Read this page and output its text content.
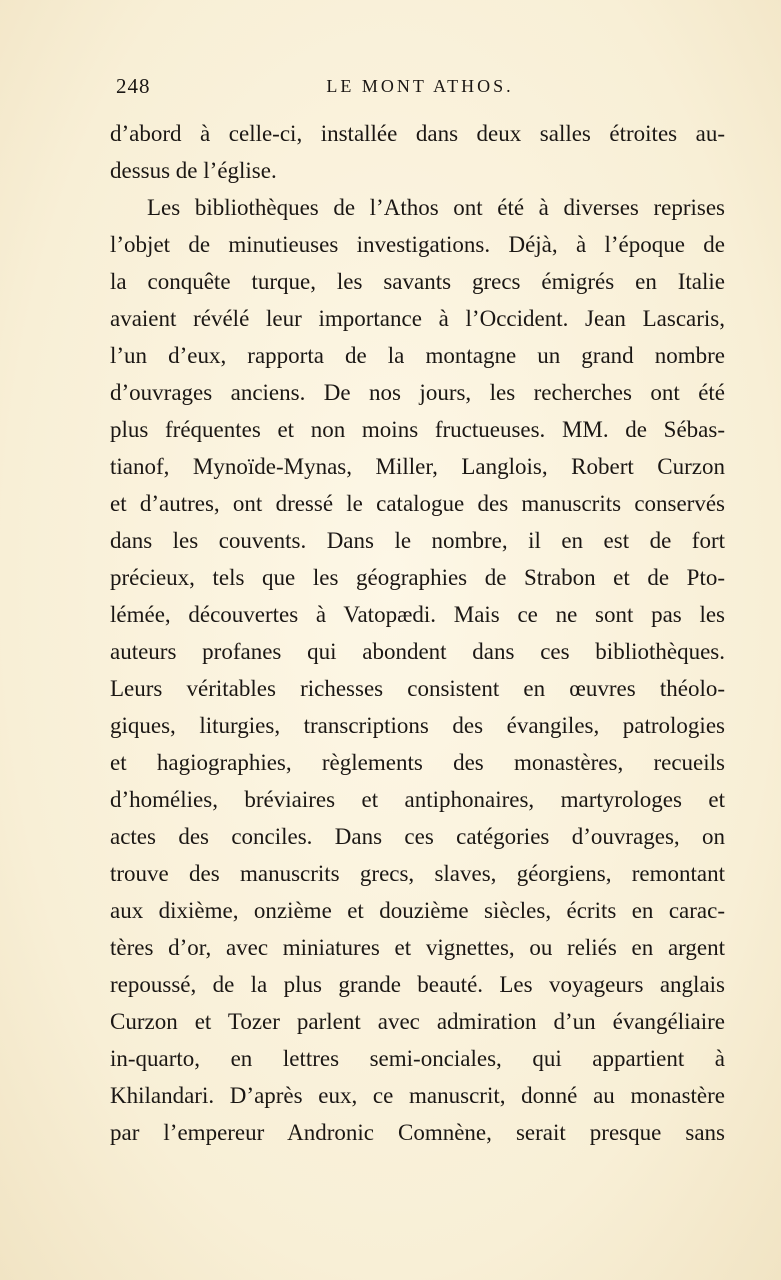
248	LE MONT ATHOS.
d’abord à celle-ci, installée dans deux salles étroites au-
dessus de l’église.
Les bibliothèques de l’Athos ont été à diverses reprises
l’objet de minutieuses investigations. Déjà, à l’époque de
la conquête turque, les savants grecs émigrés en Italie
avaient révélé leur importance à l’Occident. Jean Lascaris,
l’un d’eux, rapporta de la montagne un grand nombre
d’ouvrages anciens. De nos jours, les recherches ont été
plus fréquentes et non moins fructueuses. MM. de Sébas-
tianof, Mynoïde-Mynas, Miller, Langlois, Robert Curzon
et d’autres, ont dressé le catalogue des manuscrits conservés
dans les couvents. Dans le nombre, il en est de fort
précieux, tels que les géographies de Strabon et de Pto-
lémée, découvertes à Vatopædi. Mais ce ne sont pas les
auteurs profanes qui abondent dans ces bibliothèques.
Leurs véritables richesses consistent en œuvres théolo-
giques, liturgies, transcriptions des évangiles, patrologies
et hagiographies, règlements des monastères, recueils
d’homélies, bréviaires et antiphonaires, martyrologes et
actes des conciles. Dans ces catégories d’ouvrages, on
trouve des manuscrits grecs, slaves, géorgiens, remontant
aux dixième, onzième et douzième siècles, écrits en carac-
tères d’or, avec miniatures et vignettes, ou reliés en argent
repoussé, de la plus grande beauté. Les voyageurs anglais
Curzon et Tozer parlent avec admiration d’un évangéliaire
in-quarto, en lettres semi-onciales, qui appartient à
Khilandari. D’après eux, ce manuscrit, donné au monastère
par l’empereur Andronic Comnène, serait presque sans
